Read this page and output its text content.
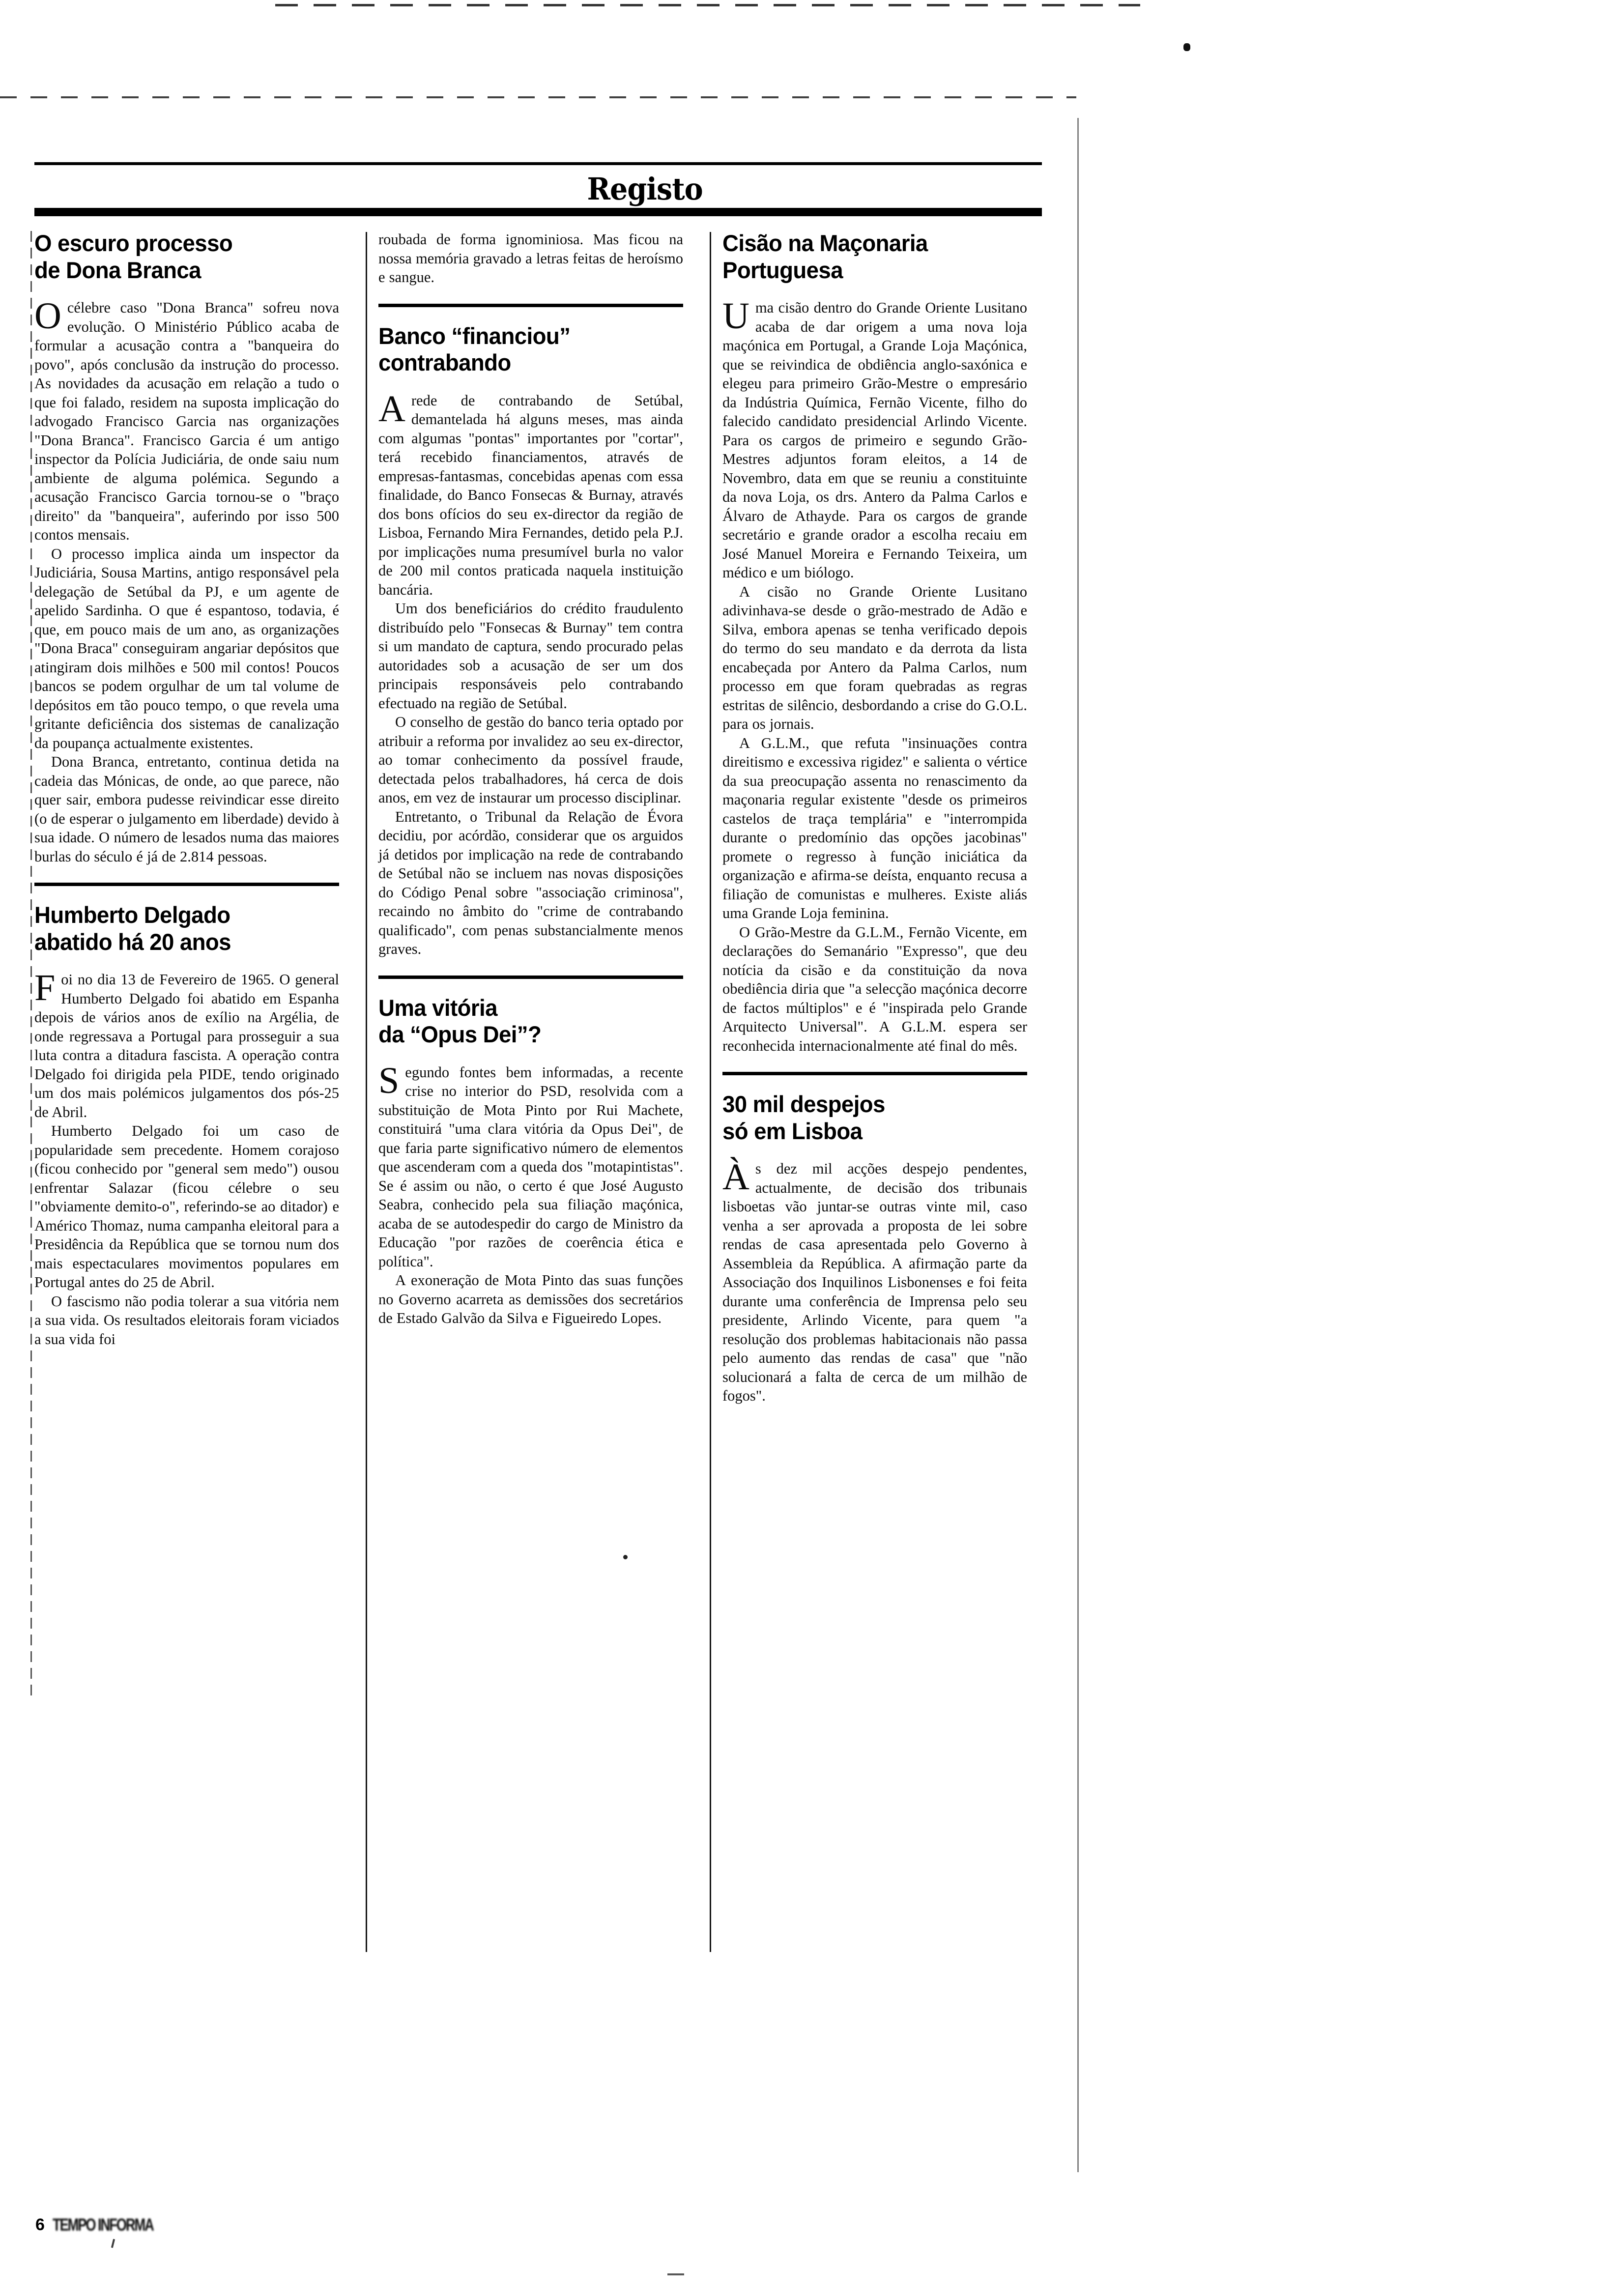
Registo
O escuro processo
de Dona Branca

Océlebre caso "Dona Branca" sofreu nova evolução. O Ministério Público acaba de formular a acusação contra a "banqueira do povo", após conclusão da instrução do processo. As novidades da acusação em relação a tudo o que foi falado, residem na suposta implicação do advogado Francisco Garcia nas organizações "Dona Branca". Francisco Garcia é um antigo inspector da Polícia Judiciária, de onde saiu num ambiente de alguma polémica. Segundo a acusação Francisco Garcia tornou-se o "braço direito" da "banqueira", auferindo por isso 500 contos mensais.

O processo implica ainda um inspector da Judiciária, Sousa Martins, antigo responsável pela delegação de Setúbal da PJ, e um agente de apelido Sardinha. O que é espantoso, todavia, é que, em pouco mais de um ano, as organizações "Dona Braca" conseguiram angariar depósitos que atingiram dois milhões e 500 mil contos! Poucos bancos se podem orgulhar de um tal volume de depósitos em tão pouco tempo, o que revela uma gritante deficiência dos sistemas de canalização da poupança actualmente existentes.

Dona Branca, entretanto, continua detida na cadeia das Mónicas, de onde, ao que parece, não quer sair, embora pudesse reivindicar esse direito (o de esperar o julgamento em liberdade) devido à sua idade. O número de lesados numa das maiores burlas do século é já de 2.814 pessoas.

Humberto Delgado
abatido há 20 anos

Foi no dia 13 de Fevereiro de 1965. O general Humberto Delgado foi abatido em Espanha depois de vários anos de exílio na Argélia, de onde regressava a Portugal para prosseguir a sua luta contra a ditadura fascista. A operação contra Delgado foi dirigida pela PIDE, tendo originado um dos mais polémicos julgamentos dos pós-25 de Abril.

Humberto Delgado foi um caso de popularidade sem precedente. Homem corajoso (ficou conhecido por "general sem medo") ousou enfrentar Salazar (ficou célebre o seu "obviamente demito-o", referindo-se ao ditador) e Américo Thomaz, numa campanha eleitoral para a Presidência da República que se tornou num dos mais espectaculares movimentos populares em Portugal antes do 25 de Abril.

O fascismo não podia tolerar a sua vitória nem a sua vida. Os resultados eleitorais foram viciados a sua vida foi

roubada de forma ignominiosa. Mas ficou na nossa memória gravado a letras feitas de heroísmo e sangue.

Banco “financiou”
contrabando

Arede de contrabando de Setúbal, demantelada há alguns meses, mas ainda com algumas "pontas" importantes por "cortar", terá recebido financiamentos, através de empresas-fantasmas, concebidas apenas com essa finalidade, do Banco Fonsecas & Burnay, através dos bons ofícios do seu ex-director da região de Lisboa, Fernando Mira Fernandes, detido pela P.J. por implicações numa presumível burla no valor de 200 mil contos praticada naquela instituição bancária.

Um dos beneficiários do crédito fraudulento distribuído pelo "Fonsecas & Burnay" tem contra si um mandato de captura, sendo procurado pelas autoridades sob a acusação de ser um dos principais responsáveis pelo contrabando efectuado na região de Setúbal.

O conselho de gestão do banco teria optado por atribuir a reforma por invalidez ao seu ex-director, ao tomar conhecimento da possível fraude, detectada pelos trabalhadores, há cerca de dois anos, em vez de instaurar um processo disciplinar.

Entretanto, o Tribunal da Relação de Évora decidiu, por acórdão, considerar que os arguidos já detidos por implicação na rede de contrabando de Setúbal não se incluem nas novas disposições do Código Penal sobre "associação criminosa", recaindo no âmbito do "crime de contrabando qualificado", com penas substancialmente menos graves.

Uma vitória
da “Opus Dei”?

Segundo fontes bem informadas, a recente crise no interior do PSD, resolvida com a substituição de Mota Pinto por Rui Machete, constituirá "uma clara vitória da Opus Dei", de que faria parte significativo número de elementos que ascenderam com a queda dos "motapintistas". Se é assim ou não, o certo é que José Augusto Seabra, conhecido pela sua filiação maçónica, acaba de se autodespedir do cargo de Ministro da Educação "por razões de coerência ética e política".

A exoneração de Mota Pinto das suas funções no Governo acarreta as demissões dos secretários de Estado Galvão da Silva e Figueiredo Lopes.

Cisão na Maçonaria
Portuguesa

Uma cisão dentro do Grande Oriente Lusitano acaba de dar origem a uma nova loja maçónica em Portugal, a Grande Loja Maçónica, que se reivindica de obdiência anglo-saxónica e elegeu para primeiro Grão-Mestre o empresário da Indústria Química, Fernão Vicente, filho do falecido candidato presidencial Arlindo Vicente. Para os cargos de primeiro e segundo Grão-Mestres adjuntos foram eleitos, a 14 de Novembro, data em que se reuniu a constituinte da nova Loja, os drs. Antero da Palma Carlos e Álvaro de Athayde. Para os cargos de grande secretário e grande orador a escolha recaiu em José Manuel Moreira e Fernando Teixeira, um médico e um biólogo.

A cisão no Grande Oriente Lusitano adivinhava-se desde o grão-mestrado de Adão e Silva, embora apenas se tenha verificado depois do termo do seu mandato e da derrota da lista encabeçada por Antero da Palma Carlos, num processo em que foram quebradas as regras estritas de silêncio, desbordando a crise do G.O.L. para os jornais.

A G.L.M., que refuta "insinuações contra direitismo e excessiva rigidez" e salienta o vértice da sua preocupação assenta no renascimento da maçonaria regular existente "desde os primeiros castelos de traça templária" e "interrompida durante o predomínio das opções jacobinas" promete o regresso à função iniciática da organização e afirma-se deísta, enquanto recusa a filiação de comunistas e mulheres. Existe aliás uma Grande Loja feminina.

O Grão-Mestre da G.L.M., Fernão Vicente, em declarações do Semanário "Expresso", que deu notícia da cisão e da constituição da nova obediência diria que "a selecção maçónica decorre de factos múltiplos" e é "inspirada pelo Grande Arquitecto Universal". A G.L.M. espera ser reconhecida internacionalmente até final do mês.

30 mil despejos
só em Lisboa

Às dez mil acções despejo pendentes, actualmente, de decisão dos tribunais lisboetas vão juntar-se outras vinte mil, caso venha a ser aprovada a proposta de lei sobre rendas de casa apresentada pelo Governo à Assembleia da República. A afirmação parte da Associação dos Inquilinos Lisbonenses e foi feita durante uma conferência de Imprensa pelo seu presidente, Arlindo Vicente, para quem "a resolução dos problemas habitacionais não passa pelo aumento das rendas de casa" que "não solucionará a falta de cerca de um milhão de fogos".

6 TEMPO INFORMA
